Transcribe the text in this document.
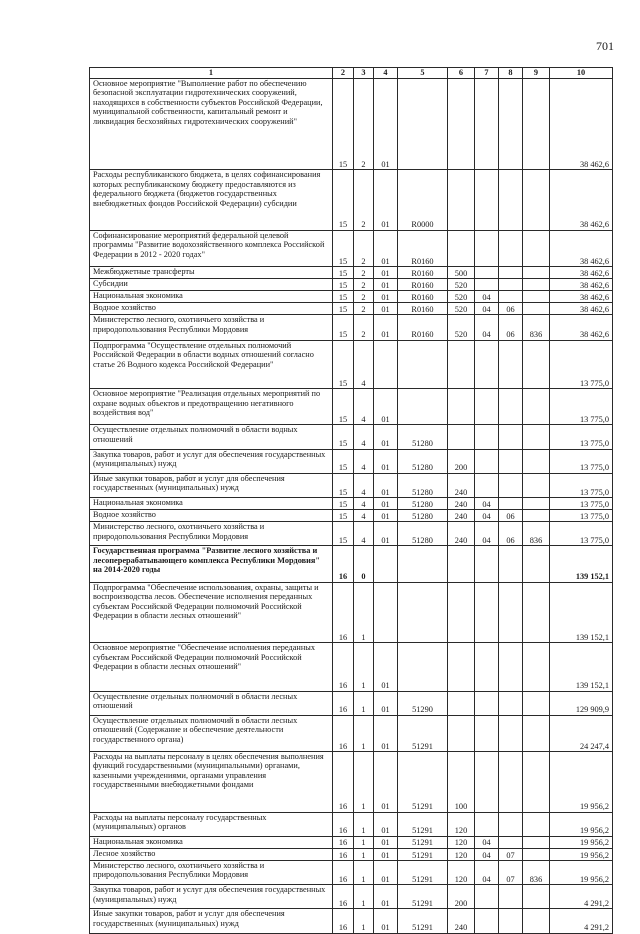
701
1	2	3	4	5	6	7	8	9	10
Основное мероприятие "Выполнение работ по обеспечению безопасной эксплуатации гидротехнических сооружений, находящихся в собственности субъектов Российской Федерации, муниципальной собственности, капитальный ремонт и ликвидация бесхозяйных гидротехнических сооружений"	15	2	01						38 462,6
Расходы республиканского бюджета, в целях софинансирования которых республиканскому бюджету предоставляются из федерального бюджета (бюджетов государственных внебюджетных фондов Российской Федерации) субсидии	15	2	01	R0000					38 462,6
Софинансирование мероприятий федеральной целевой программы "Развитие водохозяйственного комплекса Российской Федерации в 2012 - 2020 годах"	15	2	01	R0160					38 462,6
Межбюджетные трансферты	15	2	01	R0160	500				38 462,6
Субсидии	15	2	01	R0160	520				38 462,6
Национальная экономика	15	2	01	R0160	520	04			38 462,6
Водное хозяйство	15	2	01	R0160	520	04	06		38 462,6
Министерство лесного, охотничьего хозяйства и природопользования Республики Мордовия	15	2	01	R0160	520	04	06	836	38 462,6
Подпрограмма "Осуществление отдельных полномочий Российской Федерации в области водных отношений согласно статье 26 Водного кодекса Российской Федерации"	15	4							13 775,0
Основное мероприятие "Реализация отдельных мероприятий по охране водных объектов и предотвращению негативного воздействия вод"	15	4	01						13 775,0
Осуществление отдельных полномочий в области водных отношений	15	4	01	51280					13 775,0
Закупка товаров, работ и услуг для обеспечения государственных (муниципальных) нужд	15	4	01	51280	200				13 775,0
Иные закупки товаров, работ и услуг для обеспечения государственных (муниципальных) нужд	15	4	01	51280	240				13 775,0
Национальная экономика	15	4	01	51280	240	04			13 775,0
Водное хозяйство	15	4	01	51280	240	04	06		13 775,0
Министерство лесного, охотничьего хозяйства и природопользования Республики Мордовия	15	4	01	51280	240	04	06	836	13 775,0
Государственная программа "Развитие лесного хозяйства и лесоперерабатывающего комплекса Республики Мордовия" на 2014-2020 годы	16	0							139 152,1
Подпрограмма "Обеспечение использования, охраны, защиты и воспроизводства лесов. Обеспечение исполнения переданных субъектам Российской Федерации полномочий Российской Федерации в области лесных отношений"	16	1							139 152,1
Основное мероприятие "Обеспечение исполнения переданных субъектам Российской Федерации полномочий Российской Федерации в области лесных отношений"	16	1	01						139 152,1
Осуществление отдельных полномочий в области лесных отношений	16	1	01	51290					129 909,9
Осуществление отдельных полномочий в области лесных отношений (Содержание и обеспечение деятельности государственного органа)	16	1	01	51291					24 247,4
Расходы на выплаты персоналу в целях обеспечения выполнения функций государственными (муниципальными) органами, казенными учреждениями, органами управления государственными внебюджетными фондами	16	1	01	51291	100				19 956,2
Расходы на выплаты персоналу государственных (муниципальных) органов	16	1	01	51291	120				19 956,2
Национальная экономика	16	1	01	51291	120	04			19 956,2
Лесное хозяйство	16	1	01	51291	120	04	07		19 956,2
Министерство лесного, охотничьего хозяйства и природопользования Республики Мордовия	16	1	01	51291	120	04	07	836	19 956,2
Закупка товаров, работ и услуг для обеспечения государственных (муниципальных) нужд	16	1	01	51291	200				4 291,2
Иные закупки товаров, работ и услуг для обеспечения государственных (муниципальных) нужд	16	1	01	51291	240				4 291,2
